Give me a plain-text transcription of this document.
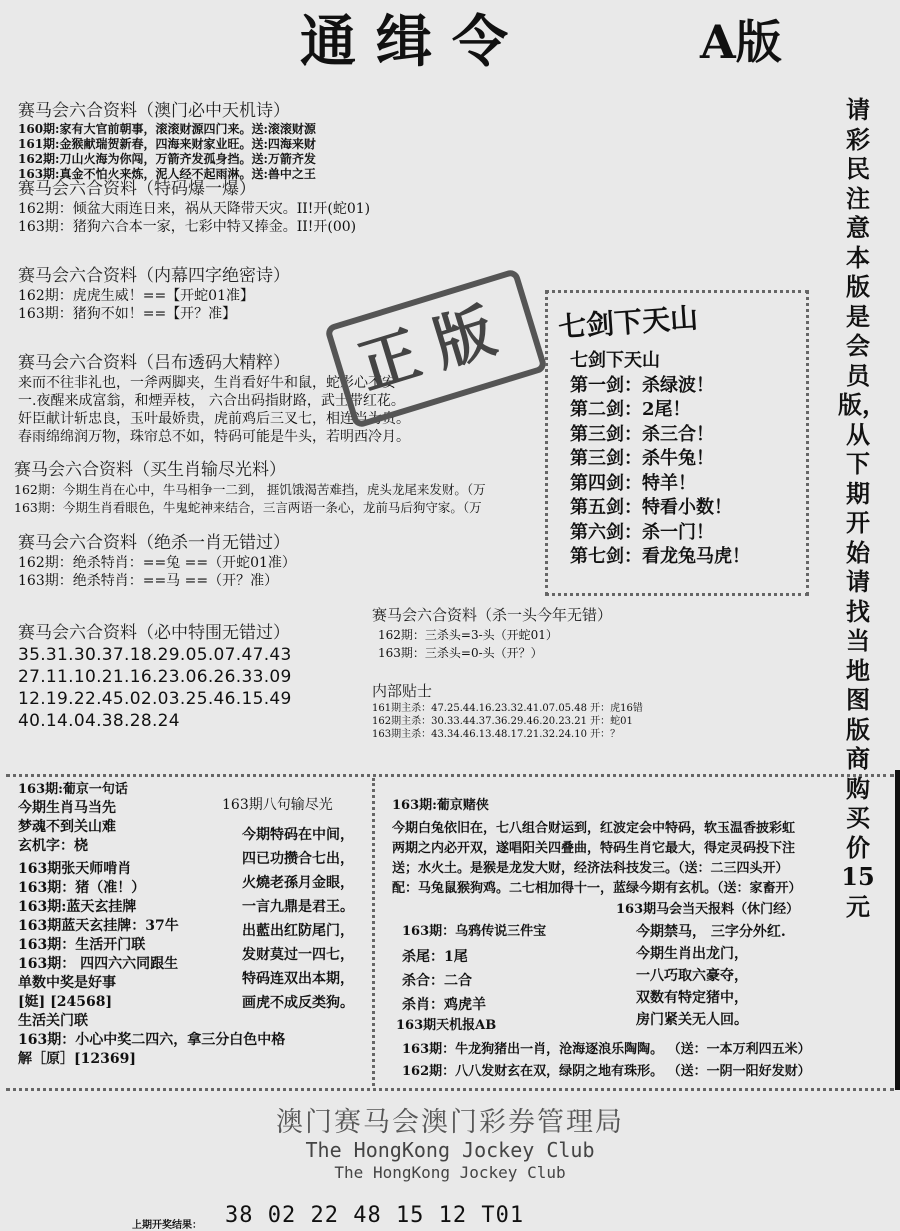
通缉令	A版
赛马会六合资料（澳门必中天机诗）
160期:家有大官前朝事，滚滚财源四门来。送:滚滚财源
161期:金猴献瑞贺新春，四海来财家业旺。送:四海来财
162期:刀山火海为你闯，万箭齐发孤身挡。送:万箭齐发
163期:真金不怕火来炼，泥人经不起雨淋。送:兽中之王
赛马会六合资料（特码爆一爆）
162期：倾盆大雨连日来，祸从天降带天灾。II!开(蛇01)
163期：猪狗六合本一家，七彩中特又捧金。II!开(00)
赛马会六合资料（内幕四字绝密诗）
162期：虎虎生威！==【开蛇01准】
163期：猪狗不如！==【开？准】
赛马会六合资料（吕布透码大精粹）
来而不往非礼也，一斧两脚夹，生肖看好牛和鼠，蛇影心不安
一.夜醒来成富翁，和煙弄枝， 六合出码指財路，武士带红花。
奸臣献计斩忠良，玉叶最娇贵，虎前鸡后三叉七，相连当为贵。
春雨绵绵润万物，珠帘总不如，特码可能是牛头，若明西冷月。
赛马会六合资料（买生肖输尽光料）
162期：今期生肖在心中，牛马相争一二到， 捱饥饿渴苦难挡，虎头龙尾来发财。（万
163期：今期生肖看眼色，牛鬼蛇神来结合，三言两语一条心，龙前马后狗守家。（万
赛马会六合资料（绝杀一肖无错过）
162期：绝杀特肖：==兔 ==（开蛇01准）
163期：绝杀特肖：==马 ==（开？准）
赛马会六合资料（必中特围无错过）
35.31.30.37.18.29.05.07.47.43
27.11.10.21.16.23.06.26.33.09
12.19.22.45.02.03.25.46.15.49
40.14.04.38.28.24
赛马会六合资料（杀一头今年无错）
162期：三杀头=3-头（开蛇01）
163期：三杀头=0-头（开？）
内部贴士
161期主杀：47.25.44.16.23.32.41.07.05.48 开：虎16错
162期主杀：30.33.44.37.36.29.46.20.23.21 开：蛇01
163期主杀：43.34.46.13.48.17.21.32.24.10 开：？
正版	七剑下天山
七剑下天山
第一剑：杀绿波！
第二剑：2尾！
第三剑：杀三合！
第三剑：杀牛兔！
第四剑：特羊！
第五剑：特看小数！
第六剑：杀一门！
第七剑：看龙兔马虎！
请彩民注意本版是会员版，从下期开始请找当地图版商购买价15元
163期:葡京一句话
今期生肖马当先
梦魂不到关山难
玄机字：桡
163期张天师啃肖
163期：猪（准！）
163期:蓝天玄挂牌
163期蓝天玄挂牌：37牛
163期：生活开门联
163期： 四四六六同跟生
单数中奖是好事
[娗] [24568]
生活关门联
163期：小心中奖二四六，拿三分白色中格
解［原］[12369]
163期八句输尽光
今期特码在中间，
四已功攒合七出，
火燒老孫月金眼，
一言九鼎是君王。
出藍出红防尾门，
发财莫过一四七，
特码连双出本期，
画虎不成反类狗。
163期:葡京赌侠
今期白兔依旧在，七八组合财运到，红波定会中特码，软玉温香披彩虹
两期之内必开双，遂唱阳关四叠曲，特码生肖它最大，得定灵码投下注
送；水火土。是猴是龙发大财，经济法科技发三。（送：二三四头开）
配：马兔鼠猴狗鸡。二七相加得十一，蓝绿今期有玄机。（送：家畜开）
163期：乌鸦传说三件宝
杀尾：1尾
杀合：二合
杀肖：鸡虎羊
163期马会当天报料（休门经）
今期禁马， 三字分外红.
今期生肖出龙门，
一八巧取六豪夺，
双数有特定猪中，
房门紧关无人回。
163期天机报AB
163期：牛龙狗猪出一肖，沧海逐浪乐陶陶。 （送：一本万利四五米）
162期：八八发财玄在双，绿阴之地有珠形。 （送：一阴一阳好发财）
澳门赛马会澳门彩券管理局
The HongKong Jockey Club
The HongKong Jockey Club
上期开奖结果： 38 02 22 48 15 12 T01
